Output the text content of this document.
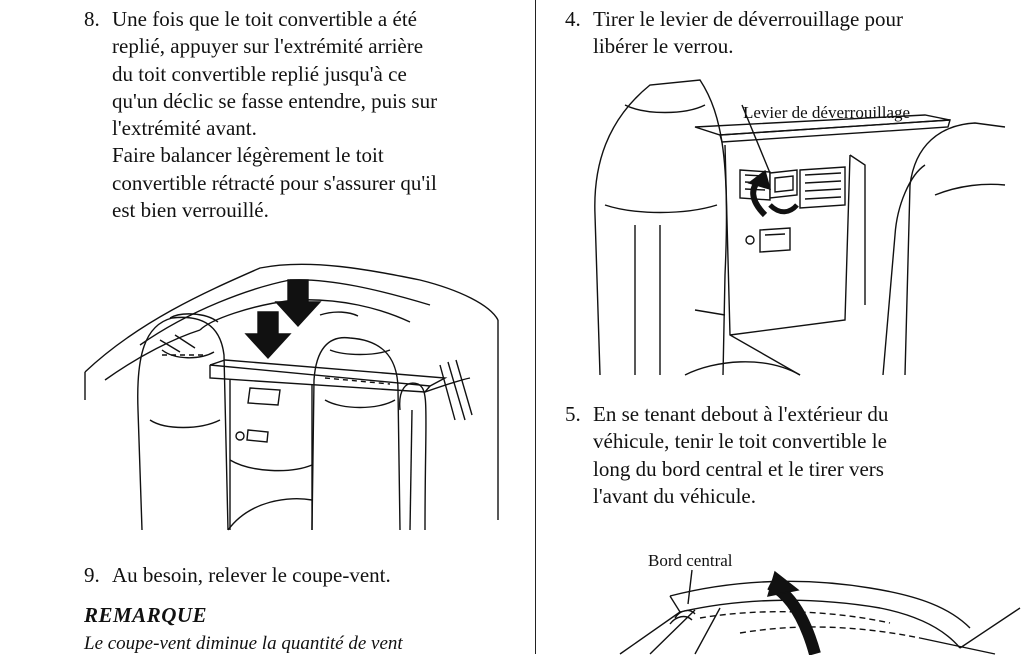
8. Une fois que le toit convertible a été
replié, appuyer sur l'extrémité arrière
du toit convertible replié jusqu'à ce
qu'un déclic se fasse entendre, puis sur
l'extrémité avant.
Faire balancer légèrement le toit
convertible rétracté pour s'assurer qu'il
est bien verrouillé.
9. Au besoin, relever le coupe-vent.
REMARQUE
Le coupe-vent diminue la quantité de vent
4. Tirer le levier de déverrouillage pour
libérer le verrou.
Levier de déverrouillage
5. En se tenant debout à l'extérieur du
véhicule, tenir le toit convertible le
long du bord central et le tirer vers
l'avant du véhicule.
Bord central
